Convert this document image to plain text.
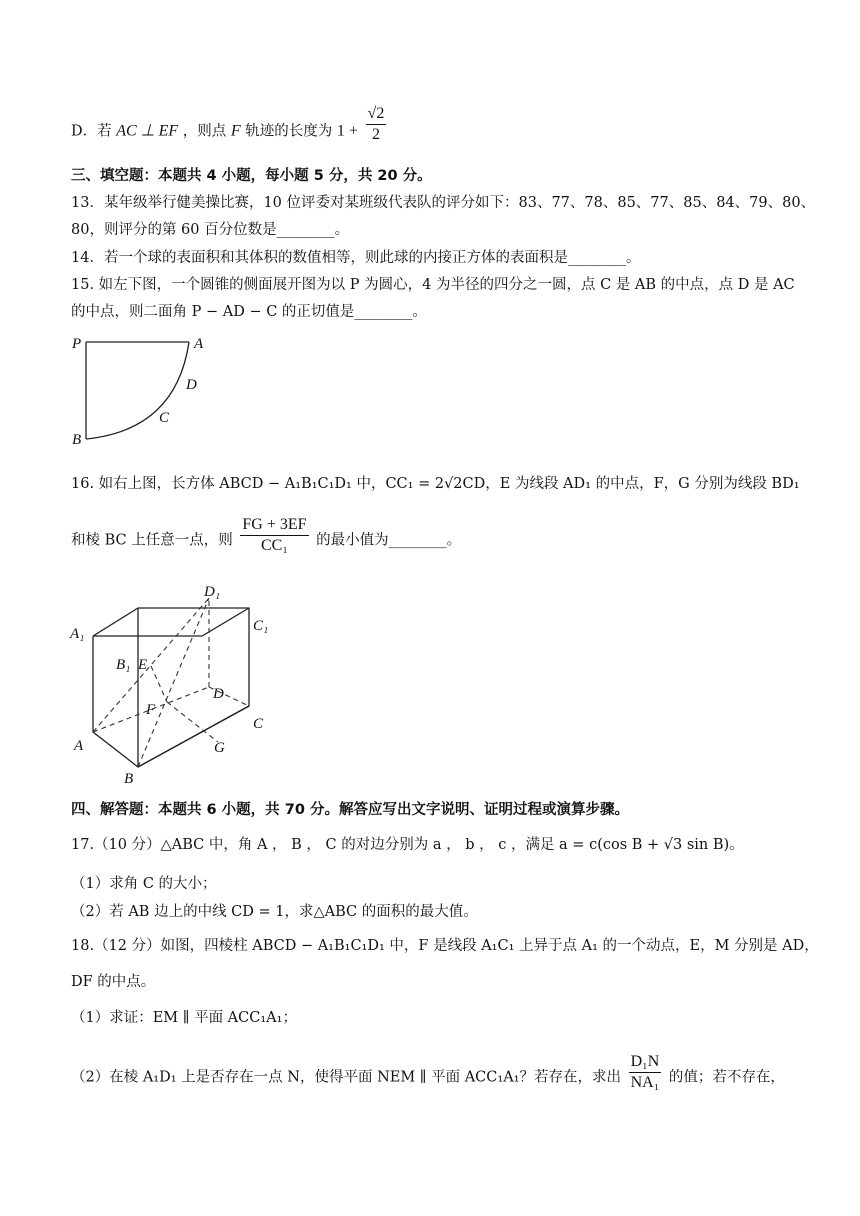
D．若 AC ⊥ EF ，则点 F 轨迹的长度为 $1 + \frac{√2}{2}$
三、填空题：本题共 4 小题，每小题 5 分，共 20 分。
13．某年级举行健美操比赛，10 位评委对某班级代表队的评分如下：83、77、78、85、77、85、84、79、80、
80，则评分的第 60 百分位数是________。
14．若一个球的表面积和其体积的数值相等，则此球的内接正方体的表面积是________。
15. 如左下图，一个圆锥的侧面展开图为以 P 为圆心，4 为半径的四分之一圆，点 C 是 AB 的中点，点 D 是 AC
的中点，则二面角 P − AD − C 的正切值是________。
P	A
B
C
D
16. 如右上图，长方体 ABCD − A₁B₁C₁D₁ 中，CC₁ = 2√2CD，E 为线段 AD₁ 的中点，F，G 分别为线段 BD₁
和棱 BC 上任意一点，则 $\frac{FG + 3EF}{\text{CC₁}}$ 的最小值为________。
D₁
A₁	C₁
B₁ E
D
F
C
A	G
B
四、解答题：本题共 6 小题，共 70 分。解答应写出文字说明、证明过程或演算步骤。
17.（10 分）△ABC 中，角 A ， B ， C 的对边分别为 a ， b ， c ，满足 a = c(cos B + √3 sin B)。
（1）求角 C 的大小；
（2）若 AB 边上的中线 CD = 1，求△ABC 的面积的最大值。
18.（12 分）如图，四棱柱 ABCD − A₁B₁C₁D₁ 中，F 是线段 A₁C₁ 上异于点 A₁ 的一个动点，E，M 分别是 AD，
DF 的中点。
（1）求证：EM ∥ 平面 ACC₁A₁；
（2）在棱 A₁D₁ 上是否存在一点 N，使得平面 NEM ∥ 平面 ACC₁A₁？若存在，求出 $\frac{\text{D₁N}}{\text{NA₁}}$ 的值；若不存在，
